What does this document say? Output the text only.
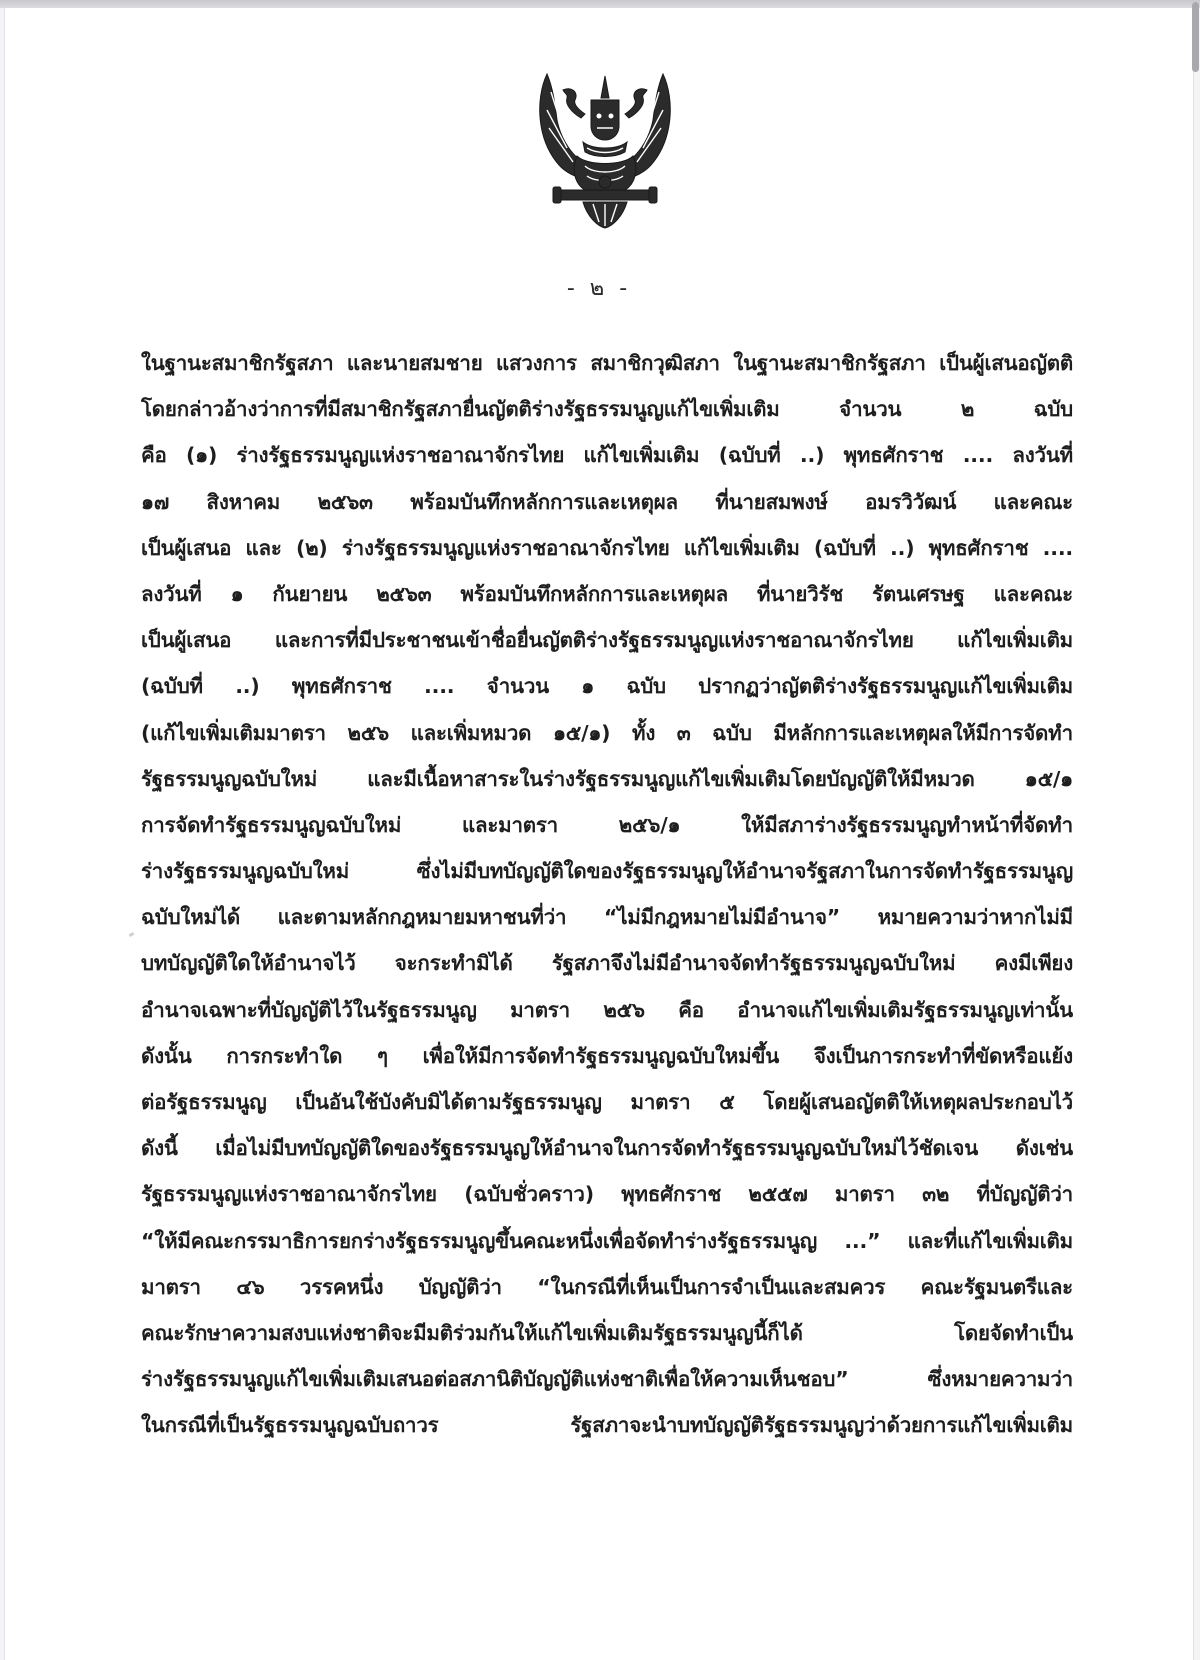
- ๒ -
ในฐานะสมาชิกรัฐสภา และนายสมชาย แสวงการ สมาชิกวุฒิสภา ในฐานะสมาชิกรัฐสภา เป็นผู้เสนอญัตติ
โดยกล่าวอ้างว่าการที่มีสมาชิกรัฐสภายื่นญัตติร่างรัฐธรรมนูญแก้ไขเพิ่มเติม จำนวน ๒ ฉบับ
คือ (๑) ร่างรัฐธรรมนูญแห่งราชอาณาจักรไทย แก้ไขเพิ่มเติม (ฉบับที่ ..) พุทธศักราช .... ลงวันที่
๑๗ สิงหาคม ๒๕๖๓ พร้อมบันทึกหลักการและเหตุผล ที่นายสมพงษ์ อมรวิวัฒน์ และคณะ
เป็นผู้เสนอ และ (๒) ร่างรัฐธรรมนูญแห่งราชอาณาจักรไทย แก้ไขเพิ่มเติม (ฉบับที่ ..) พุทธศักราช ....
ลงวันที่ ๑ กันยายน ๒๕๖๓ พร้อมบันทึกหลักการและเหตุผล ที่นายวิรัช รัตนเศรษฐ และคณะ
เป็นผู้เสนอ และการที่มีประชาชนเข้าชื่อยื่นญัตติร่างรัฐธรรมนูญแห่งราชอาณาจักรไทย แก้ไขเพิ่มเติม
(ฉบับที่ ..) พุทธศักราช .... จำนวน ๑ ฉบับ ปรากฏว่าญัตติร่างรัฐธรรมนูญแก้ไขเพิ่มเติม
(แก้ไขเพิ่มเติมมาตรา ๒๕๖ และเพิ่มหมวด ๑๕/๑) ทั้ง ๓ ฉบับ มีหลักการและเหตุผลให้มีการจัดทำ
รัฐธรรมนูญฉบับใหม่ และมีเนื้อหาสาระในร่างรัฐธรรมนูญแก้ไขเพิ่มเติมโดยบัญญัติให้มีหมวด ๑๕/๑
การจัดทำรัฐธรรมนูญฉบับใหม่ และมาตรา ๒๕๖/๑ ให้มีสภาร่างรัฐธรรมนูญทำหน้าที่จัดทำ
ร่างรัฐธรรมนูญฉบับใหม่ ซึ่งไม่มีบทบัญญัติใดของรัฐธรรมนูญให้อำนาจรัฐสภาในการจัดทำรัฐธรรมนูญ
ฉบับใหม่ได้ และตามหลักกฎหมายมหาชนที่ว่า “ไม่มีกฎหมายไม่มีอำนาจ” หมายความว่าหากไม่มี
บทบัญญัติใดให้อำนาจไว้ จะกระทำมิได้ รัฐสภาจึงไม่มีอำนาจจัดทำรัฐธรรมนูญฉบับใหม่ คงมีเพียง
อำนาจเฉพาะที่บัญญัติไว้ในรัฐธรรมนูญ มาตรา ๒๕๖ คือ อำนาจแก้ไขเพิ่มเติมรัฐธรรมนูญเท่านั้น
ดังนั้น การกระทำใด ๆ เพื่อให้มีการจัดทำรัฐธรรมนูญฉบับใหม่ขึ้น จึงเป็นการกระทำที่ขัดหรือแย้ง
ต่อรัฐธรรมนูญ เป็นอันใช้บังคับมิได้ตามรัฐธรรมนูญ มาตรา ๕ โดยผู้เสนอญัตติให้เหตุผลประกอบไว้
ดังนี้ เมื่อไม่มีบทบัญญัติใดของรัฐธรรมนูญให้อำนาจในการจัดทำรัฐธรรมนูญฉบับใหม่ไว้ชัดเจน ดังเช่น
รัฐธรรมนูญแห่งราชอาณาจักรไทย (ฉบับชั่วคราว) พุทธศักราช ๒๕๕๗ มาตรา ๓๒ ที่บัญญัติว่า
“ให้มีคณะกรรมาธิการยกร่างรัฐธรรมนูญขึ้นคณะหนึ่งเพื่อจัดทำร่างรัฐธรรมนูญ ...” และที่แก้ไขเพิ่มเติม
มาตรา ๔๖ วรรคหนึ่ง บัญญัติว่า “ในกรณีที่เห็นเป็นการจำเป็นและสมควร คณะรัฐมนตรีและ
คณะรักษาความสงบแห่งชาติจะมีมติร่วมกันให้แก้ไขเพิ่มเติมรัฐธรรมนูญนี้ก็ได้ โดยจัดทำเป็น
ร่างรัฐธรรมนูญแก้ไขเพิ่มเติมเสนอต่อสภานิติบัญญัติแห่งชาติเพื่อให้ความเห็นชอบ” ซึ่งหมายความว่า
ในกรณีที่เป็นรัฐธรรมนูญฉบับถาวร รัฐสภาจะนำบทบัญญัติรัฐธรรมนูญว่าด้วยการแก้ไขเพิ่มเติม
